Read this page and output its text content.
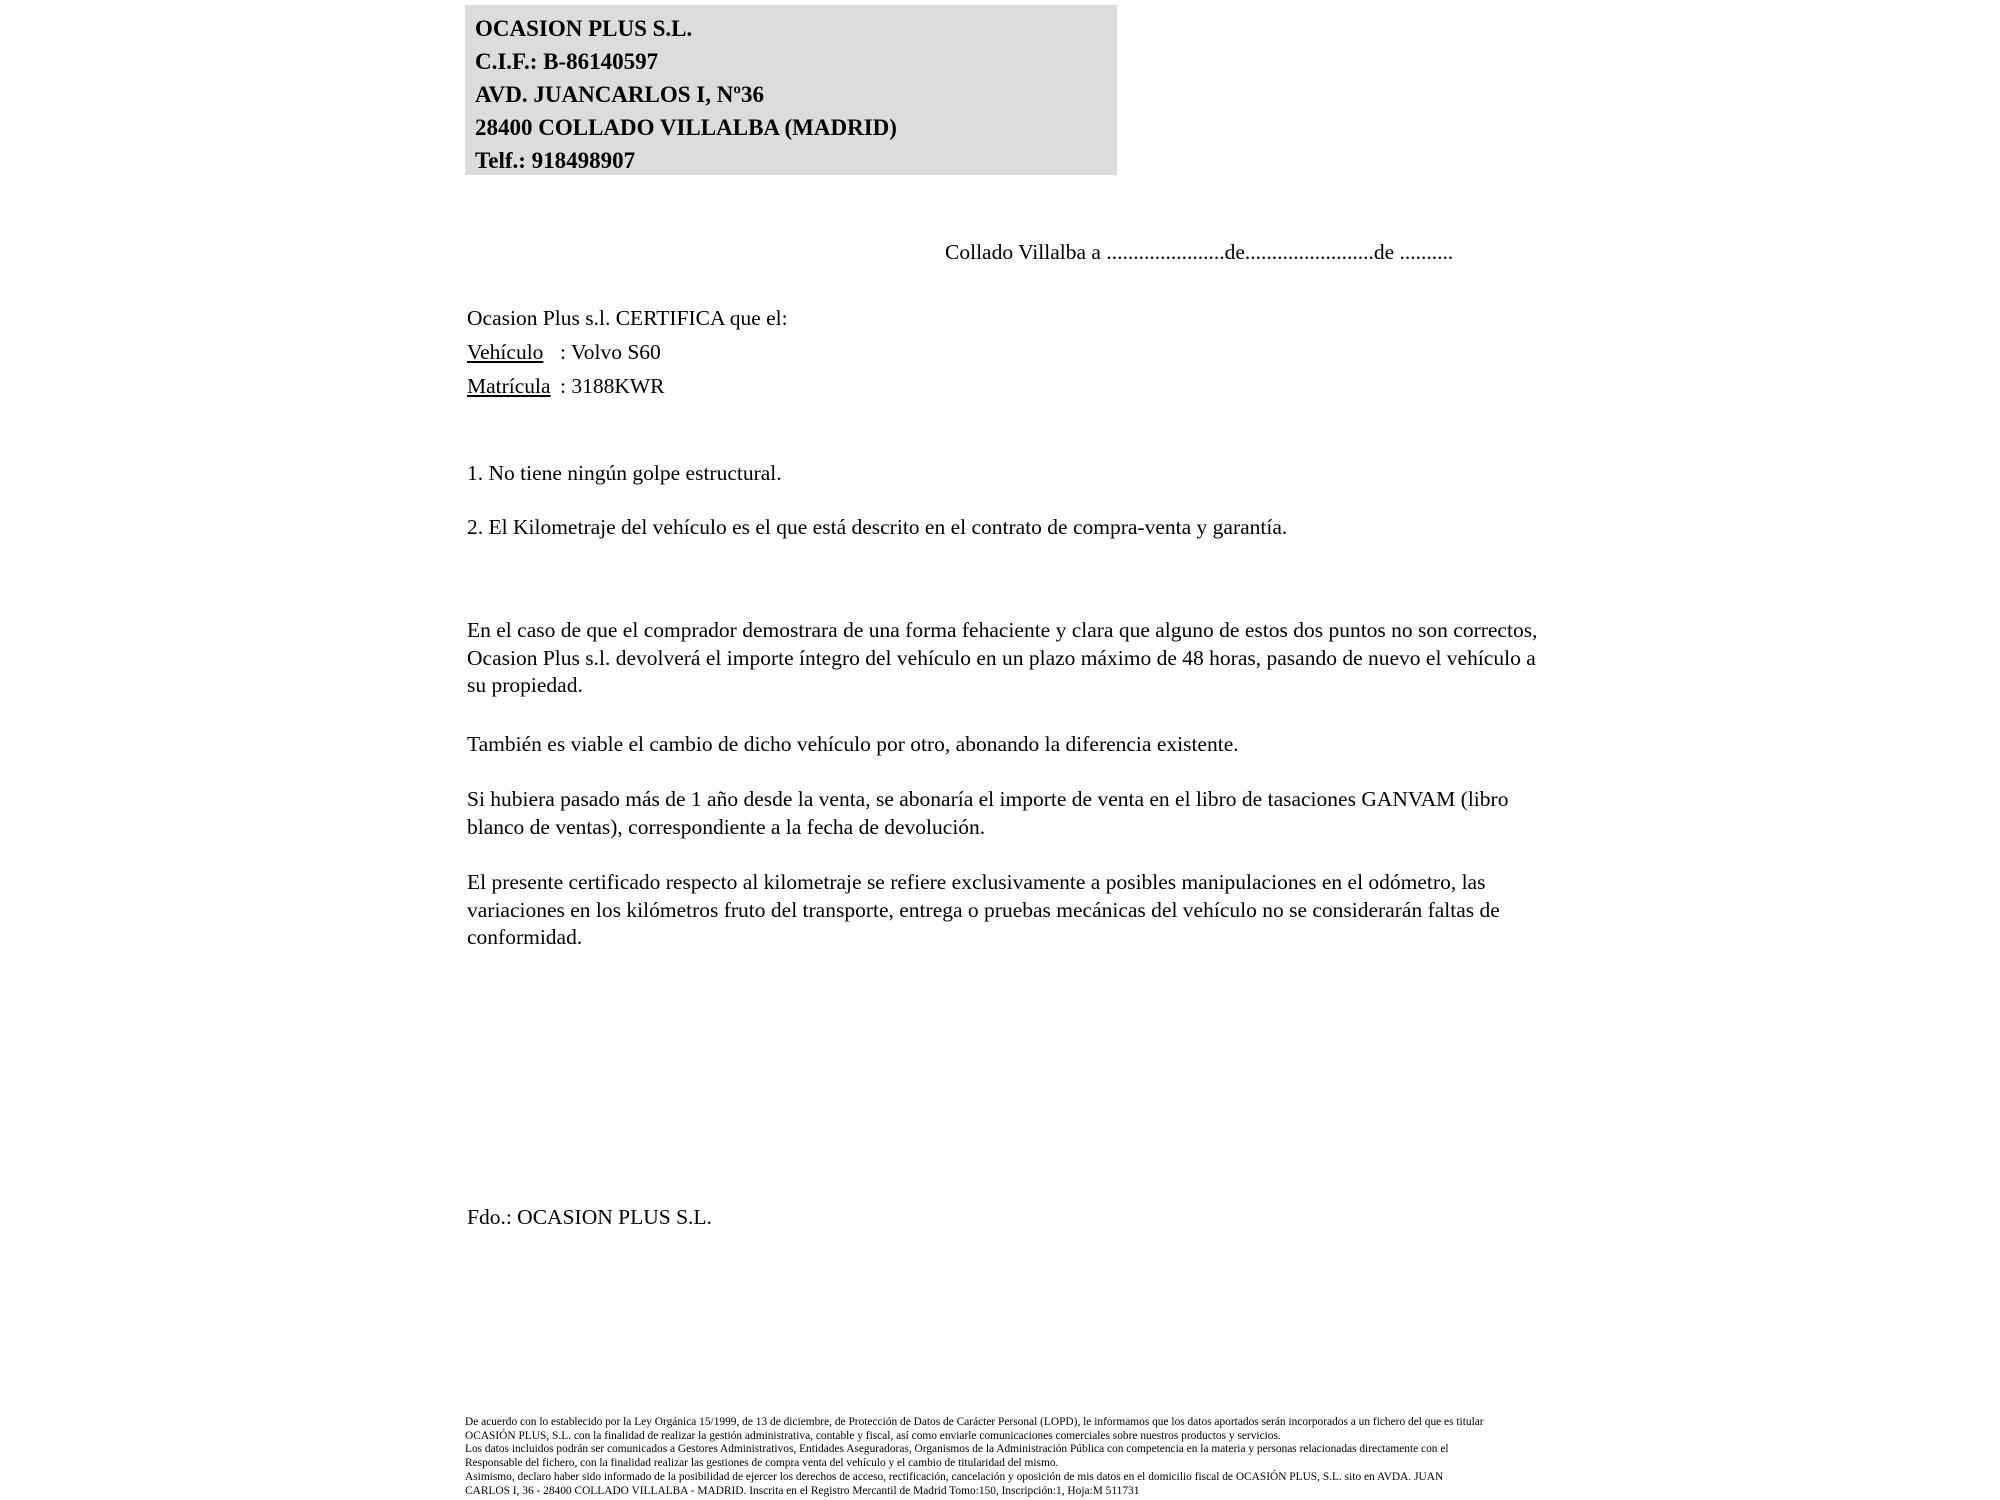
OCASION PLUS S.L.
C.I.F.: B-86140597
AVD. JUANCARLOS I, Nº36
28400 COLLADO VILLALBA (MADRID)
Telf.: 918498907
Collado Villalba a ......................de........................de ..........
Ocasion Plus s.l. CERTIFICA que el:
Vehículo : Volvo S60
Matrícula : 3188KWR
1. No tiene ningún golpe estructural.
2. El Kilometraje del vehículo es el que está descrito en el contrato de compra-venta y garantía.
En el caso de que el comprador demostrara de una forma fehaciente y clara que alguno de estos dos puntos no son correctos, Ocasion Plus s.l. devolverá el importe íntegro del vehículo en un plazo máximo de 48 horas, pasando de nuevo el vehículo a su propiedad.
También es viable el cambio de dicho vehículo por otro, abonando la diferencia existente.
Si hubiera pasado más de 1 año desde la venta, se abonaría el importe de venta en el libro de tasaciones GANVAM (libro blanco de ventas), correspondiente a la fecha de devolución.
El presente certificado respecto al kilometraje se refiere exclusivamente a posibles manipulaciones en el odómetro, las variaciones en los kilómetros fruto del transporte, entrega o pruebas mecánicas del vehículo no se considerarán faltas de conformidad.
Fdo.: OCASION PLUS S.L.
De acuerdo con lo establecido por la Ley Orgánica 15/1999, de 13 de diciembre, de Protección de Datos de Carácter Personal (LOPD), le informamos que los datos aportados serán incorporados a un fichero del que es titular
OCASIÓN PLUS, S.L. con la finalidad de realizar la gestión administrativa, contable y fiscal, así como enviarle comunicaciones comerciales sobre nuestros productos y servicios.
Los datos incluidos podrán ser comunicados a Gestores Administrativos, Entidades Aseguradoras, Organismos de la Administración Pública con competencia en la materia y personas relacionadas directamente con el
Responsable del fichero, con la finalidad realizar las gestiones de compra venta del vehículo y el cambio de titularidad del mismo.
Asimismo, declaro haber sido informado de la posibilidad de ejercer los derechos de acceso, rectificación, cancelación y oposición de mis datos en el domicilio fiscal de OCASIÓN PLUS, S.L. sito en AVDA. JUAN
CARLOS I, 36 - 28400 COLLADO VILLALBA - MADRID. Inscrita en el Registro Mercantil de Madrid Tomo:150, Inscripción:1, Hoja:M 511731
